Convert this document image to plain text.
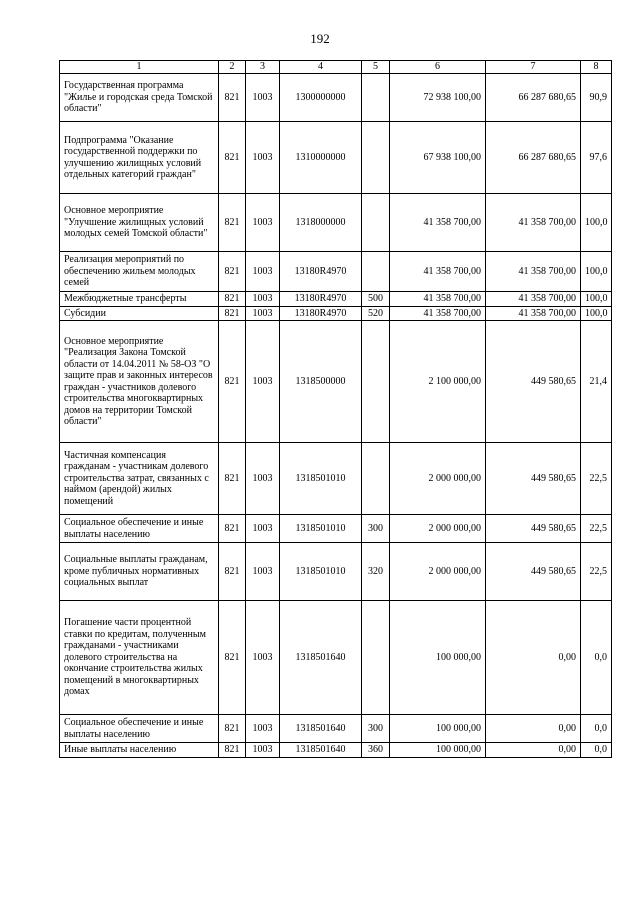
192
1	2	3	4	5	6	7	8
Государственная программа "Жилье и городская среда Томской области"	821	1003	1300000000		72 938 100,00	66 287 680,65	90,9
Подпрограмма "Оказание государственной поддержки по улучшению жилищных условий отдельных категорий граждан"	821	1003	1310000000		67 938 100,00	66 287 680,65	97,6
Основное мероприятие "Улучшение жилищных условий молодых семей Томской области"	821	1003	1318000000		41 358 700,00	41 358 700,00	100,0
Реализация мероприятий по обеспечению жильем молодых семей	821	1003	13180R4970		41 358 700,00	41 358 700,00	100,0
Межбюджетные трансферты	821	1003	13180R4970	500	41 358 700,00	41 358 700,00	100,0
Субсидии	821	1003	13180R4970	520	41 358 700,00	41 358 700,00	100,0
Основное мероприятие "Реализация Закона Томской области от 14.04.2011 № 58-ОЗ "О защите прав и законных интересов граждан - участников долевого строительства многоквартирных домов на территории Томской области"	821	1003	1318500000		2 100 000,00	449 580,65	21,4
Частичная компенсация гражданам - участникам долевого строительства затрат, связанных с наймом (арендой) жилых помещений	821	1003	1318501010		2 000 000,00	449 580,65	22,5
Социальное обеспечение и иные выплаты населению	821	1003	1318501010	300	2 000 000,00	449 580,65	22,5
Социальные выплаты гражданам, кроме публичных нормативных социальных выплат	821	1003	1318501010	320	2 000 000,00	449 580,65	22,5
Погашение части процентной ставки по кредитам, полученным гражданами - участниками долевого строительства на окончание строительства жилых помещений в многоквартирных домах	821	1003	1318501640		100 000,00	0,00	0,0
Социальное обеспечение и иные выплаты населению	821	1003	1318501640	300	100 000,00	0,00	0,0
Иные выплаты населению	821	1003	1318501640	360	100 000,00	0,00	0,0
